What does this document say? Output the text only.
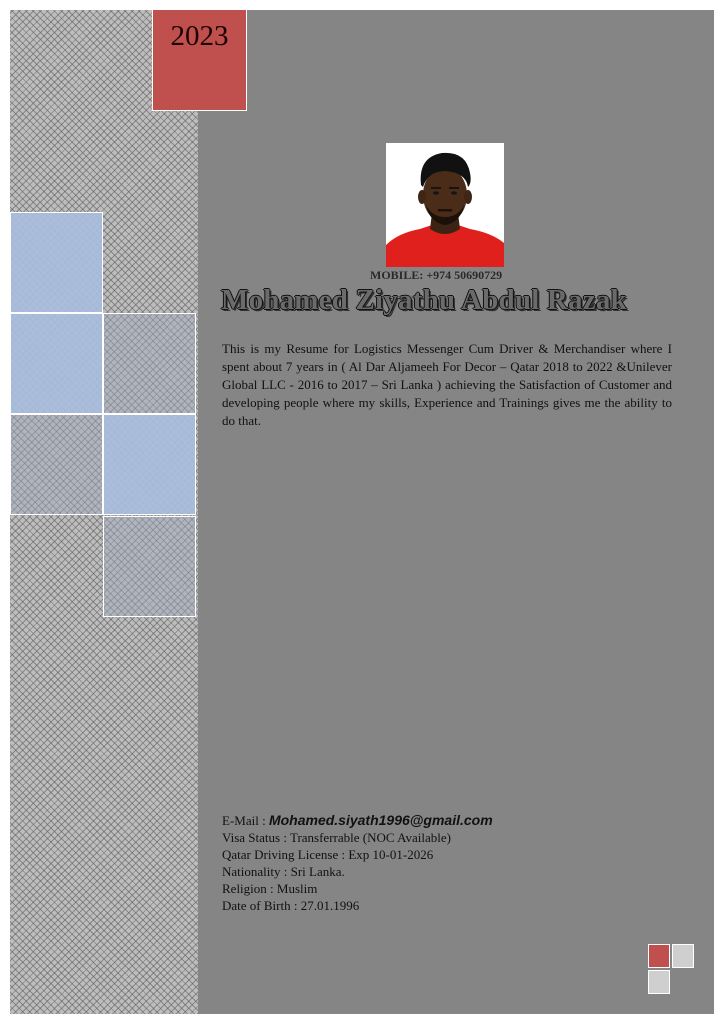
2023
MOBILE: +974 50690729
Mohamed Ziyathu Abdul Razak
This is my Resume for Logistics Messenger Cum Driver & Merchandiser where I spent about 7 years in ( Al Dar Aljameeh For Decor – Qatar 2018 to 2022 &Unilever Global LLC - 2016 to 2017 – Sri Lanka ) achieving the Satisfaction of Customer and developing people where my skills, Experience and Trainings gives me the ability to do that.
E-Mail : Mohamed.siyath1996@gmail.com
Visa Status : Transferrable (NOC Available)
Qatar Driving License : Exp 10-01-2026
Nationality : Sri Lanka.
Religion : Muslim
Date of Birth : 27.01.1996
